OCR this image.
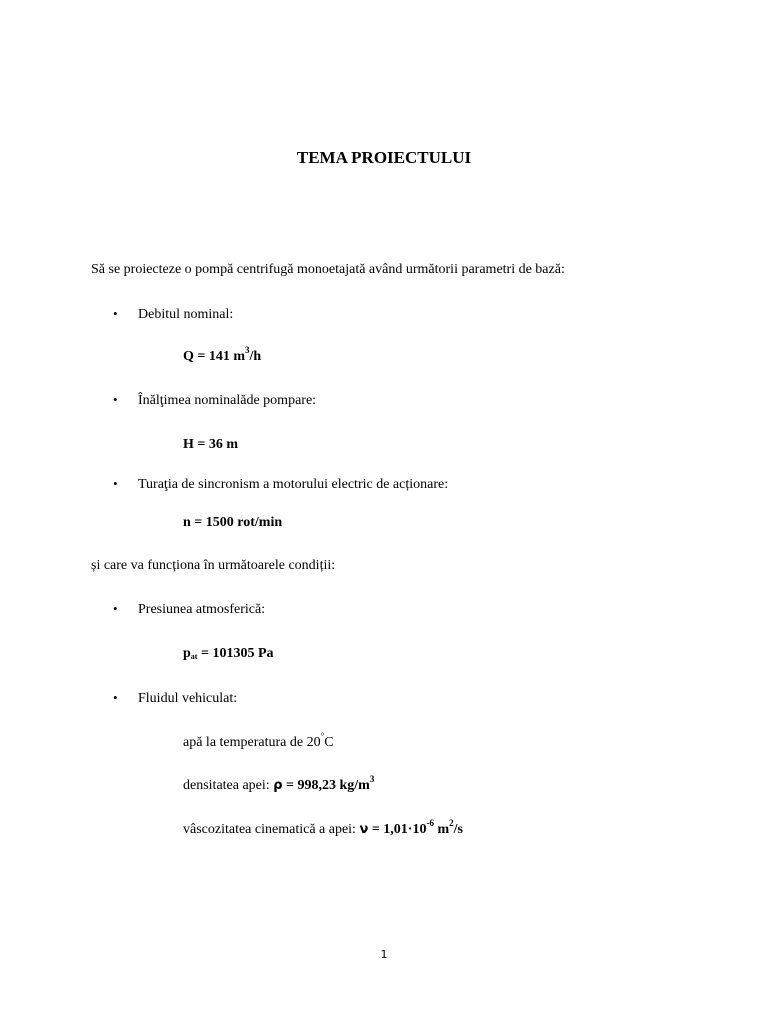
TEMA PROIECTULUI
Să se proiecteze o pompă centrifugă monoetajată având următorii parametri de bază:
• Debitul nominal:
Q = 141 $m^3/h$
• Înălţimea nominalăde pompare:
H = 36 m
• Turaţia de sincronism a motorului electric de acționare:
n = 1500 rot/min
și care va funcționa în următoarele condiții:
• Presiunea atmosferică:
$p_{at} = 101305$ Pa
• Fluidul vehiculat:
apă la temperatura de 20°C
densitatea apei: ρ = 998,23 $kg/m^3$
vâscozitatea cinematică a apei: $\nu = 1,01\cdot 10^{-6}$ $m^2/s$
1
